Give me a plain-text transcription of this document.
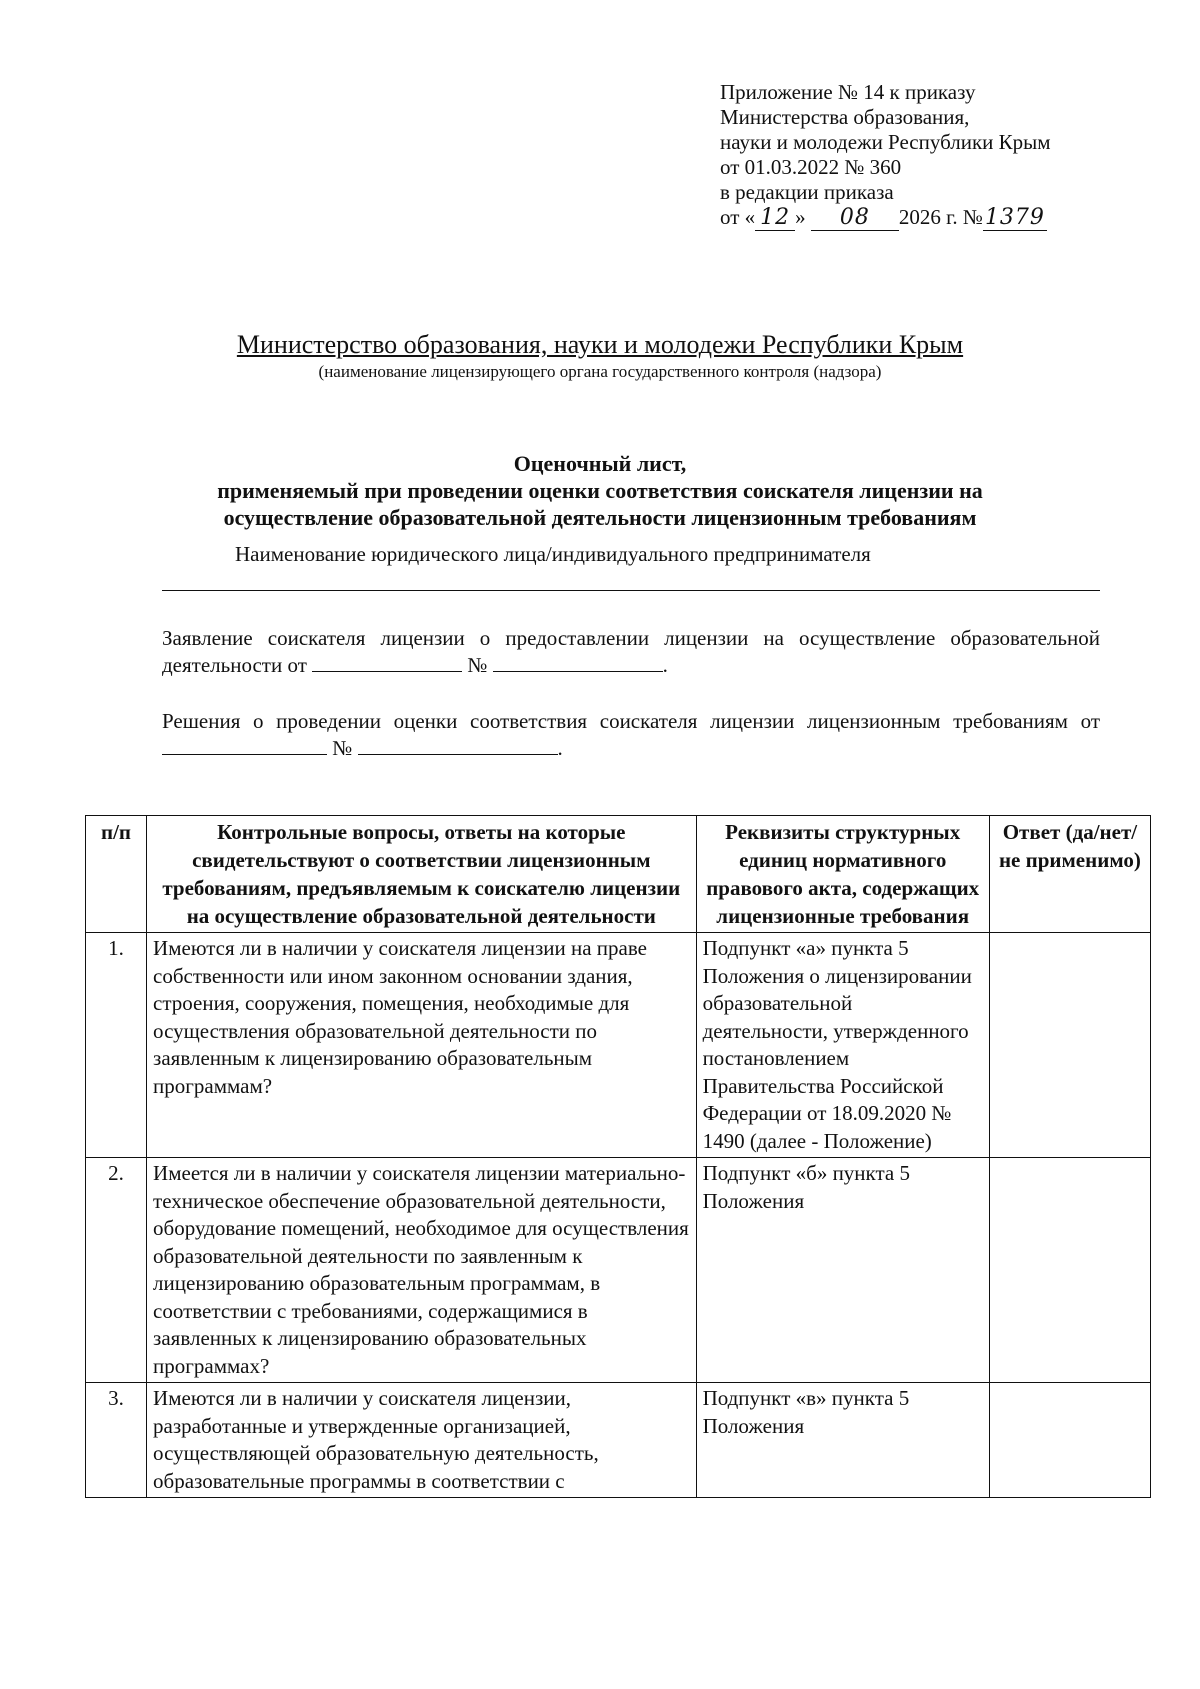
Приложение № 14 к приказу
Министерства образования,
науки и молодежи Республики Крым
от 01.03.2022 № 360
в редакции приказа
от « 12 » 08 2026 г. №1379
Министерство образования, науки и молодежи Республики Крым
(наименование лицензирующего органа государственного контроля (надзора)
Оценочный лист,
применяемый при проведении оценки соответствия соискателя лицензии на
осуществление образовательной деятельности лицензионным требованиям
Наименование юридического лица/индивидуального предпринимателя
Заявление соискателя лицензии о предоставлении лицензии на осуществление образовательной деятельности от	№	.
Решения о проведении оценки соответствия соискателя лицензии лицензионным требованиям от  №	.
п/п	Контрольные вопросы, ответы на которые свидетельствуют о соответствии лицензионным требованиям, предъявляемым к соискателю лицензии на осуществление образовательной деятельности	Реквизиты структурных единиц нормативного правового акта, содержащих лицензионные требования	Ответ (да/нет/ не применимо)
1.	Имеются ли в наличии у соискателя лицензии на праве собственности или ином законном основании здания, строения, сооружения, помещения, необходимые для осуществления образовательной деятельности по заявленным к лицензированию образовательным программам?	Подпункт «а» пункта 5 Положения о лицензировании образовательной деятельности, утвержденного постановлением Правительства Российской Федерации от 18.09.2020 № 1490 (далее - Положение)	
2.	Имеется ли в наличии у соискателя лицензии материально-техническое обеспечение образовательной деятельности, оборудование помещений, необходимое для осуществления образовательной деятельности по заявленным к лицензированию образовательным программам, в соответствии с требованиями, содержащимися в заявленных к лицензированию образовательных программах?	Подпункт «б» пункта 5 Положения	
3.	Имеются ли в наличии у соискателя лицензии, разработанные и утвержденные организацией, осуществляющей образовательную деятельность, образовательные программы в соответствии с	Подпункт «в» пункта 5 Положения	
